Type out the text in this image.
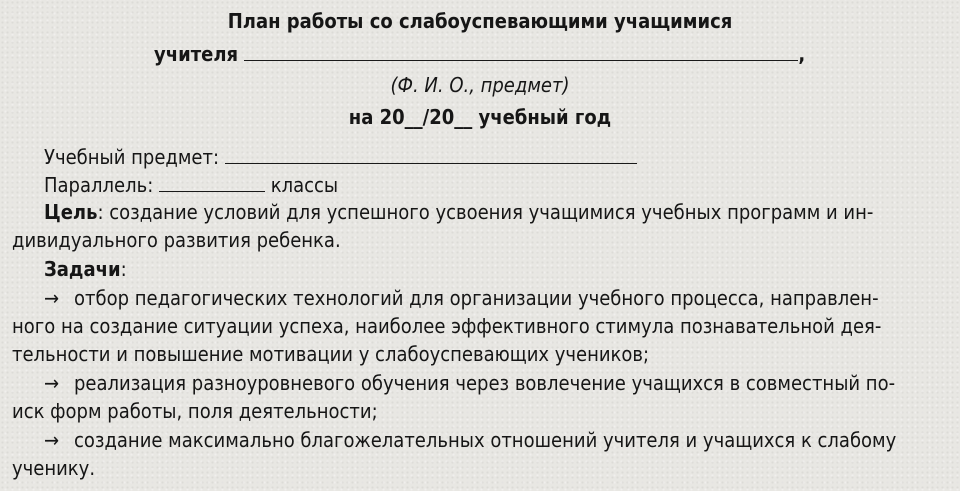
План работы со слабоуспевающими учащимися
учителя	,
(Ф. И. О., предмет)
на 20__/20__ учебный год
Учебный предмет:
Параллель:	классы
Цель: создание условий для успешного усвоения учащимися учебных программ и ин-
дивидуального развития ребенка.
Задачи:
→ отбор педагогических технологий для организации учебного процесса, направлен-
ного на создание ситуации успеха, наиболее эффективного стимула познавательной дея-
тельности и повышение мотивации у слабоуспевающих учеников;
→ реализация разноуровневого обучения через вовлечение учащихся в совместный по-
иск форм работы, поля деятельности;
→ создание максимально благожелательных отношений учителя и учащихся к слабому
ученику.
